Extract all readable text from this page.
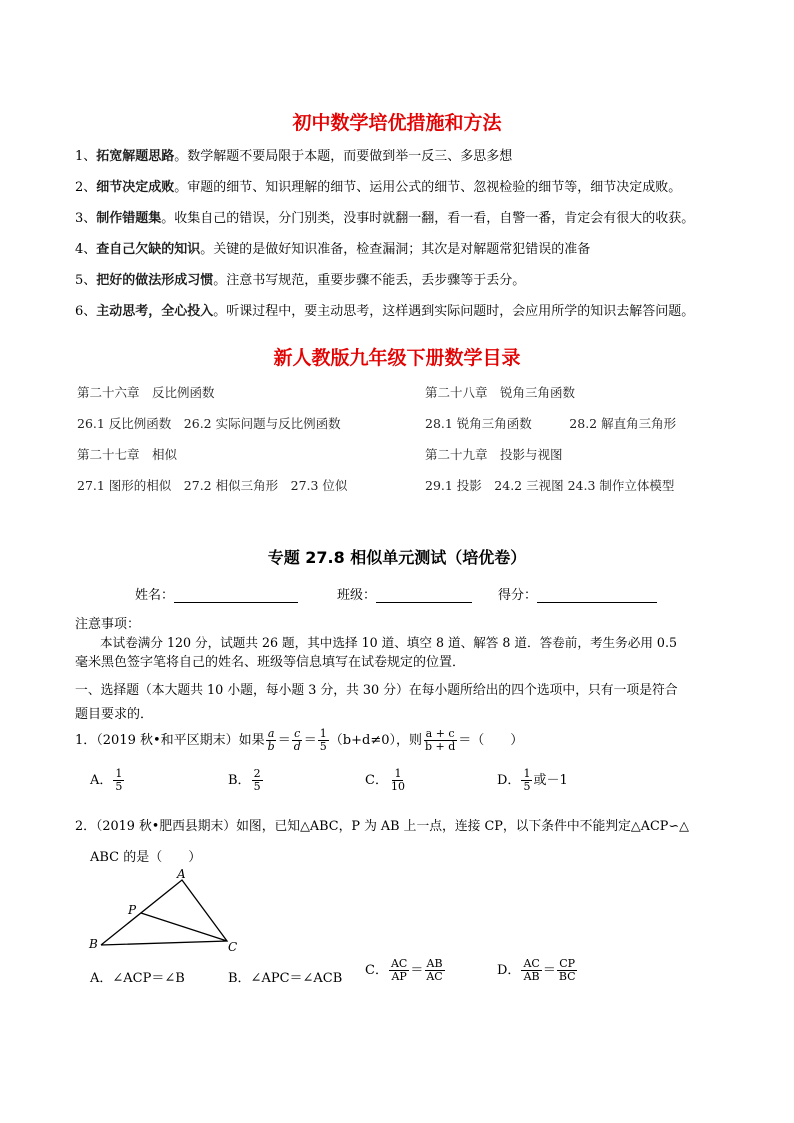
初中数学培优措施和方法
1、拓宽解题思路。数学解题不要局限于本题，而要做到举一反三、多思多想
2、细节决定成败。审题的细节、知识理解的细节、运用公式的细节、忽视检验的细节等，细节决定成败。
3、制作错题集。收集自己的错误，分门别类，没事时就翻一翻，看一看，自警一番，肯定会有很大的收获。
4、查自己欠缺的知识。关键的是做好知识准备，检查漏洞；其次是对解题常犯错误的准备
5、把好的做法形成习惯。注意书写规范，重要步骤不能丢，丢步骤等于丢分。
6、主动思考，全心投入。听课过程中，要主动思考，这样遇到实际问题时，会应用所学的知识去解答问题。
新人教版九年级下册数学目录
第二十六章　反比例函数
26.1 反比例函数　26.2 实际问题与反比例函数
第二十七章　相似
27.1 图形的相似　27.2 相似三角形　27.3 位似
第二十八章　锐角三角函数
28.1 锐角三角函数　　　28.2 解直角三角形
第二十九章　投影与视图
29.1 投影　24.2 三视图 24.3 制作立体模型
专题 27.8 相似单元测试（培优卷）
姓名：	班级：	得分：
注意事项：
本试卷满分 120 分，试题共 26 题，其中选择 10 道、填空 8 道、解答 8 道．答卷前，考生务必用 0.5
毫米黑色签字笔将自己的姓名、班级等信息填写在试卷规定的位置．
一、选择题（本大题共 10 小题，每小题 3 分，共 30 分）在每小题所给出的四个选项中，只有一项是符合
题目要求的．
1．（2019 秋•和平区期末）如果 $\frac{a}{b} = \frac{c}{d} = \frac{1}{5} (b+d\ne 0)$，则 $\frac{a + c}{b + d}$ ＝（　　）
A． $\frac{1}{5}$	B． $\frac{2}{5}$	C． $\frac{1}{10}$	D． $\frac{1}{5}$ 或－1
2．（2019 秋•肥西县期末）如图，已知△ABC，P 为 AB 上一点，连接 CP，以下条件中不能判定△ACP∽△
ABC 的是（　　）
A
P
B	C
A．∠ACP＝∠B	B．∠APC＝∠ACB
C． $\frac{AC}{AP} = \frac{AB}{AC}$	D． $\frac{AC}{AB} = \frac{CP}{BC}$
